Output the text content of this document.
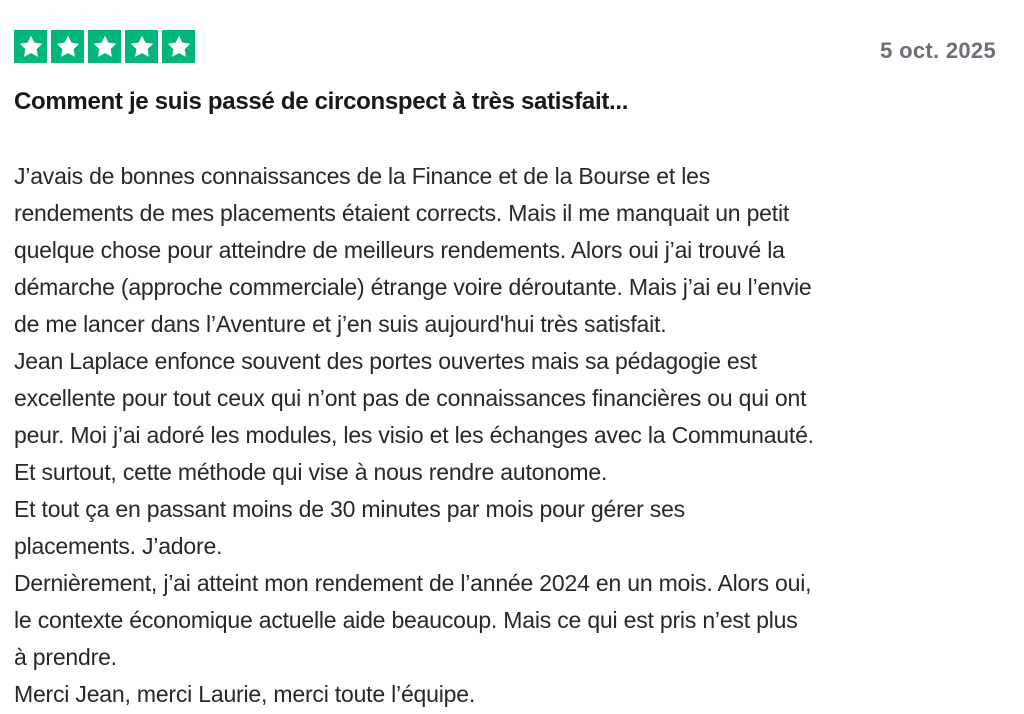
5 oct. 2025
Comment je suis passé de circonspect à très satisfait...
J’avais de bonnes connaissances de la Finance et de la Bourse et les
rendements de mes placements étaient corrects. Mais il me manquait un petit
quelque chose pour atteindre de meilleurs rendements. Alors oui j’ai trouvé la
démarche (approche commerciale) étrange voire déroutante. Mais j’ai eu l’envie
de me lancer dans l’Aventure et j’en suis aujourd'hui très satisfait.
Jean Laplace enfonce souvent des portes ouvertes mais sa pédagogie est
excellente pour tout ceux qui n’ont pas de connaissances financières ou qui ont
peur. Moi j’ai adoré les modules, les visio et les échanges avec la Communauté.
Et surtout, cette méthode qui vise à nous rendre autonome.
Et tout ça en passant moins de 30 minutes par mois pour gérer ses
placements. J’adore.
Dernièrement, j’ai atteint mon rendement de l’année 2024 en un mois. Alors oui,
le contexte économique actuelle aide beaucoup. Mais ce qui est pris n’est plus
à prendre.
Merci Jean, merci Laurie, merci toute l’équipe.
